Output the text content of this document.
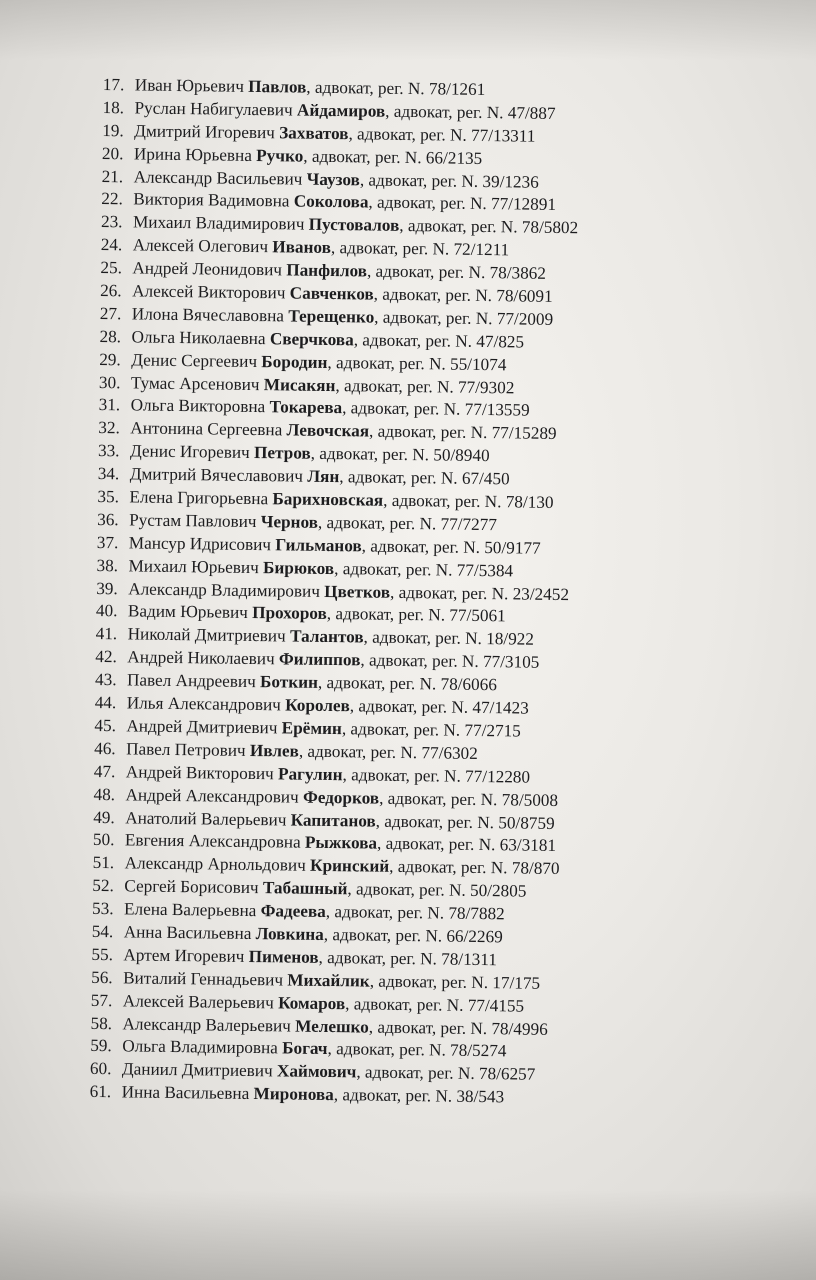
17. Иван Юрьевич Павлов, адвокат, рег. N. 78/1261
18. Руслан Набигулаевич Айдамиров, адвокат, рег. N. 47/887
19. Дмитрий Игоревич Захватов, адвокат, рег. N. 77/13311
20. Ирина Юрьевна Ручко, адвокат, рег. N. 66/2135
21. Александр Васильевич Чаузов, адвокат, рег. N. 39/1236
22. Виктория Вадимовна Соколова, адвокат, рег. N. 77/12891
23. Михаил Владимирович Пустовалов, адвокат, рег. N. 78/5802
24. Алексей Олегович Иванов, адвокат, рег. N. 72/1211
25. Андрей Леонидович Панфилов, адвокат, рег. N. 78/3862
26. Алексей Викторович Савченков, адвокат, рег. N. 78/6091
27. Илона Вячеславовна Терещенко, адвокат, рег. N. 77/2009
28. Ольга Николаевна Сверчкова, адвокат, рег. N. 47/825
29. Денис Сергеевич Бородин, адвокат, рег. N. 55/1074
30. Тумас Арсенович Мисакян, адвокат, рег. N. 77/9302
31. Ольга Викторовна Токарева, адвокат, рег. N. 77/13559
32. Антонина Сергеевна Левочская, адвокат, рег. N. 77/15289
33. Денис Игоревич Петров, адвокат, рег. N. 50/8940
34. Дмитрий Вячеславович Лян, адвокат, рег. N. 67/450
35. Елена Григорьевна Барихновская, адвокат, рег. N. 78/130
36. Рустам Павлович Чернов, адвокат, рег. N. 77/7277
37. Мансур Идрисович Гильманов, адвокат, рег. N. 50/9177
38. Михаил Юрьевич Бирюков, адвокат, рег. N. 77/5384
39. Александр Владимирович Цветков, адвокат, рег. N. 23/2452
40. Вадим Юрьевич Прохоров, адвокат, рег. N. 77/5061
41. Николай Дмитриевич Талантов, адвокат, рег. N. 18/922
42. Андрей Николаевич Филиппов, адвокат, рег. N. 77/3105
43. Павел Андреевич Боткин, адвокат, рег. N. 78/6066
44. Илья Александрович Королев, адвокат, рег. N. 47/1423
45. Андрей Дмитриевич Ерёмин, адвокат, рег. N. 77/2715
46. Павел Петрович Ивлев, адвокат, рег. N. 77/6302
47. Андрей Викторович Рагулин, адвокат, рег. N. 77/12280
48. Андрей Александрович Федорков, адвокат, рег. N. 78/5008
49. Анатолий Валерьевич Капитанов, адвокат, рег. N. 50/8759
50. Евгения Александровна Рыжкова, адвокат, рег. N. 63/3181
51. Александр Арнольдович Кринский, адвокат, рег. N. 78/870
52. Сергей Борисович Табашный, адвокат, рег. N. 50/2805
53. Елена Валерьевна Фадеева, адвокат, рег. N. 78/7882
54. Анна Васильевна Ловкина, адвокат, рег. N. 66/2269
55. Артем Игоревич Пименов, адвокат, рег. N. 78/1311
56. Виталий Геннадьевич Михайлик, адвокат, рег. N. 17/175
57. Алексей Валерьевич Комаров, адвокат, рег. N. 77/4155
58. Александр Валерьевич Мелешко, адвокат, рег. N. 78/4996
59. Ольга Владимировна Богач, адвокат, рег. N. 78/5274
60. Даниил Дмитриевич Хаймович, адвокат, рег. N. 78/6257
61. Инна Васильевна Миронова, адвокат, рег. N. 38/543
